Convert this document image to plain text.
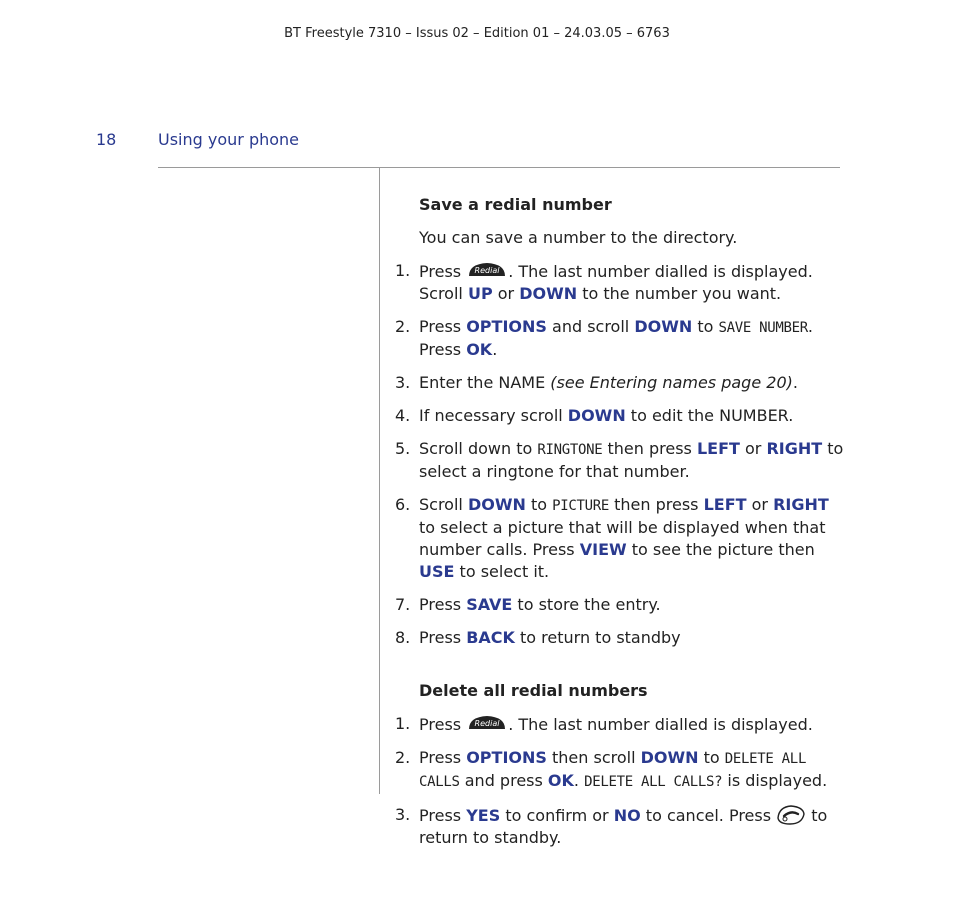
BT Freestyle 7310 – Issus 02 – Edition 01 – 24.03.05 – 6763
18	Using your phone
Save a redial number
You can save a number to the directory.
1. Press Redial . The last number dialled is displayed.
Scroll UP or DOWN to the number you want.
2. Press OPTIONS and scroll DOWN to SAVE NUMBER.
Press OK.
3. Enter the NAME (see Entering names page 20).
4. If necessary scroll DOWN to edit the NUMBER.
5. Scroll down to RINGTONE then press LEFT or RIGHT to select a ringtone for that number.
6. Scroll DOWN to PICTURE then press LEFT or RIGHT to select a picture that will be displayed when that number calls. Press VIEW to see the picture then USE to select it.
7. Press SAVE to store the entry.
8. Press BACK to return to standby
Delete all redial numbers
1. Press Redial . The last number dialled is displayed.
2. Press OPTIONS then scroll DOWN to DELETE ALL CALLS and press OK. DELETE ALL CALLS? is displayed.
3. Press YES to confirm or NO to cancel. Press  to return to standby.
